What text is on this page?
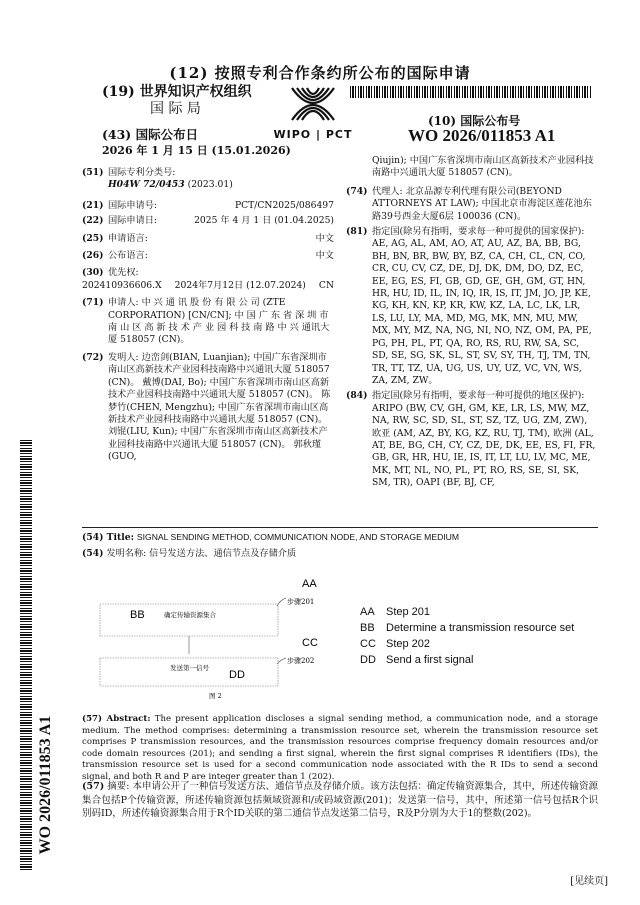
(12) 按照专利合作条约所公布的国际申请
(19) 世界知识产权组织
国 际 局
(43) 国际公布日
2026 年 1 月 15 日 (15.01.2026)
WIPO | PCT
(10) 国际公布号
WO 2026/011853 A1
(51) 国际专利分类号:
H04W 72/0453 (2023.01)
(21) 国际申请号:	PCT/CN2025/086497
(22) 国际申请日:	2025 年 4 月 1 日 (01.04.2025)
(25) 申请语言:	中文
(26) 公布语言:	中文
(30) 优先权:
202410936606.X 2024年7月12日 (12.07.2024) CN
(71) 申请人: 中 兴 通 讯 股 份 有 限 公 司 (ZTE CORPORATION) [CN/CN]; 中 国 广 东 省 深 圳 市 南 山 区 高 新 技 术 产 业 园 科 技 南 路 中 兴 通讯大厦 518057 (CN)。
(72) 发明人: 边峦剑(BIAN, Luanjian); 中国广东省深圳市南山区高新技术产业园科技南路中兴通讯大厦 518057 (CN)。 戴博(DAI, Bo); 中国广东省深圳市南山区高新技术产业园科技南路中兴通讯大厦 518057 (CN)。 陈梦竹(CHEN, Mengzhu); 中国广东省深圳市南山区高新技术产业园科技南路中兴通讯大厦 518057 (CN)。 刘锟(LIU, Kun); 中国广东省深圳市南山区高新技术产业园科技南路中兴通讯大厦 518057 (CN)。 郭秋瑾(GUO,
Qiujin); 中国广东省深圳市南山区高新技术产业园科技南路中兴通讯大厦 518057 (CN)。
(74) 代理人: 北京品源专利代理有限公司(BEYOND ATTORNEYS AT LAW); 中国北京市海淀区莲花池东路39号西金大厦6层 100036 (CN)。
(81) 指定国(除另有指明，要求每一种可提供的国家保护): AE, AG, AL, AM, AO, AT, AU, AZ, BA, BB, BG, BH, BN, BR, BW, BY, BZ, CA, CH, CL, CN, CO, CR, CU, CV, CZ, DE, DJ, DK, DM, DO, DZ, EC, EE, EG, ES, FI, GB, GD, GE, GH, GM, GT, HN, HR, HU, ID, IL, IN, IQ, IR, IS, IT, JM, JO, JP, KE, KG, KH, KN, KP, KR, KW, KZ, LA, LC, LK, LR, LS, LU, LY, MA, MD, MG, MK, MN, MU, MW, MX, MY, MZ, NA, NG, NI, NO, NZ, OM, PA, PE, PG, PH, PL, PT, QA, RO, RS, RU, RW, SA, SC, SD, SE, SG, SK, SL, ST, SV, SY, TH, TJ, TM, TN, TR, TT, TZ, UA, UG, US, UY, UZ, VC, VN, WS, ZA, ZM, ZW。
(84) 指定国(除另有指明，要求每一种可提供的地区保护): ARIPO (BW, CV, GH, GM, KE, LR, LS, MW, MZ, NA, RW, SC, SD, SL, ST, SZ, TZ, UG, ZM, ZW), 欧亚 (AM, AZ, BY, KG, KZ, RU, TJ, TM), 欧洲 (AL, AT, BE, BG, CH, CY, CZ, DE, DK, EE, ES, FI, FR, GB, GR, HR, HU, IE, IS, IT, LT, LU, LV, MC, ME, MK, MT, NL, NO, PL, PT, RO, RS, SE, SI, SK, SM, TR), OAPI (BF, BJ, CF,
WO 2026/011853 A1
(54) Title: SIGNAL SENDING METHOD, COMMUNICATION NODE, AND STORAGE MEDIUM
(54) 发明名称: 信号发送方法、通信节点及存储介质
AA
步骤201
BB	确定传输资源集合
CC
步骤202
发送第一信号
DD
图 2
AA Step 201
BB Determine a transmission resource set
CC Step 202
DD Send a first signal
(57) Abstract: The present application discloses a signal sending method, a communication node, and a storage medium. The method comprises: determining a transmission resource set, wherein the transmission resource set comprises P transmission resources, and the transmission resources comprise frequency domain resources and/or code domain resources (201); and sending a first signal, wherein the first signal comprises R identifiers (IDs), the transmission resource set is used for a second communication node associated with the R IDs to send a second signal, and both R and P are integer greater than 1 (202).
(57) 摘要: 本申请公开了一种信号发送方法、通信节点及存储介质。该方法包括：确定传输资源集合，其中，所述传输资源集合包括P个传输资源，所述传输资源包括频域资源和/或码域资源(201)；发送第一信号，其中，所述第一信号包括R个识别码ID，所述传输资源集合用于R个ID关联的第二通信节点发送第二信号，R及P分别为大于1的整数(202)。
[见续页]
